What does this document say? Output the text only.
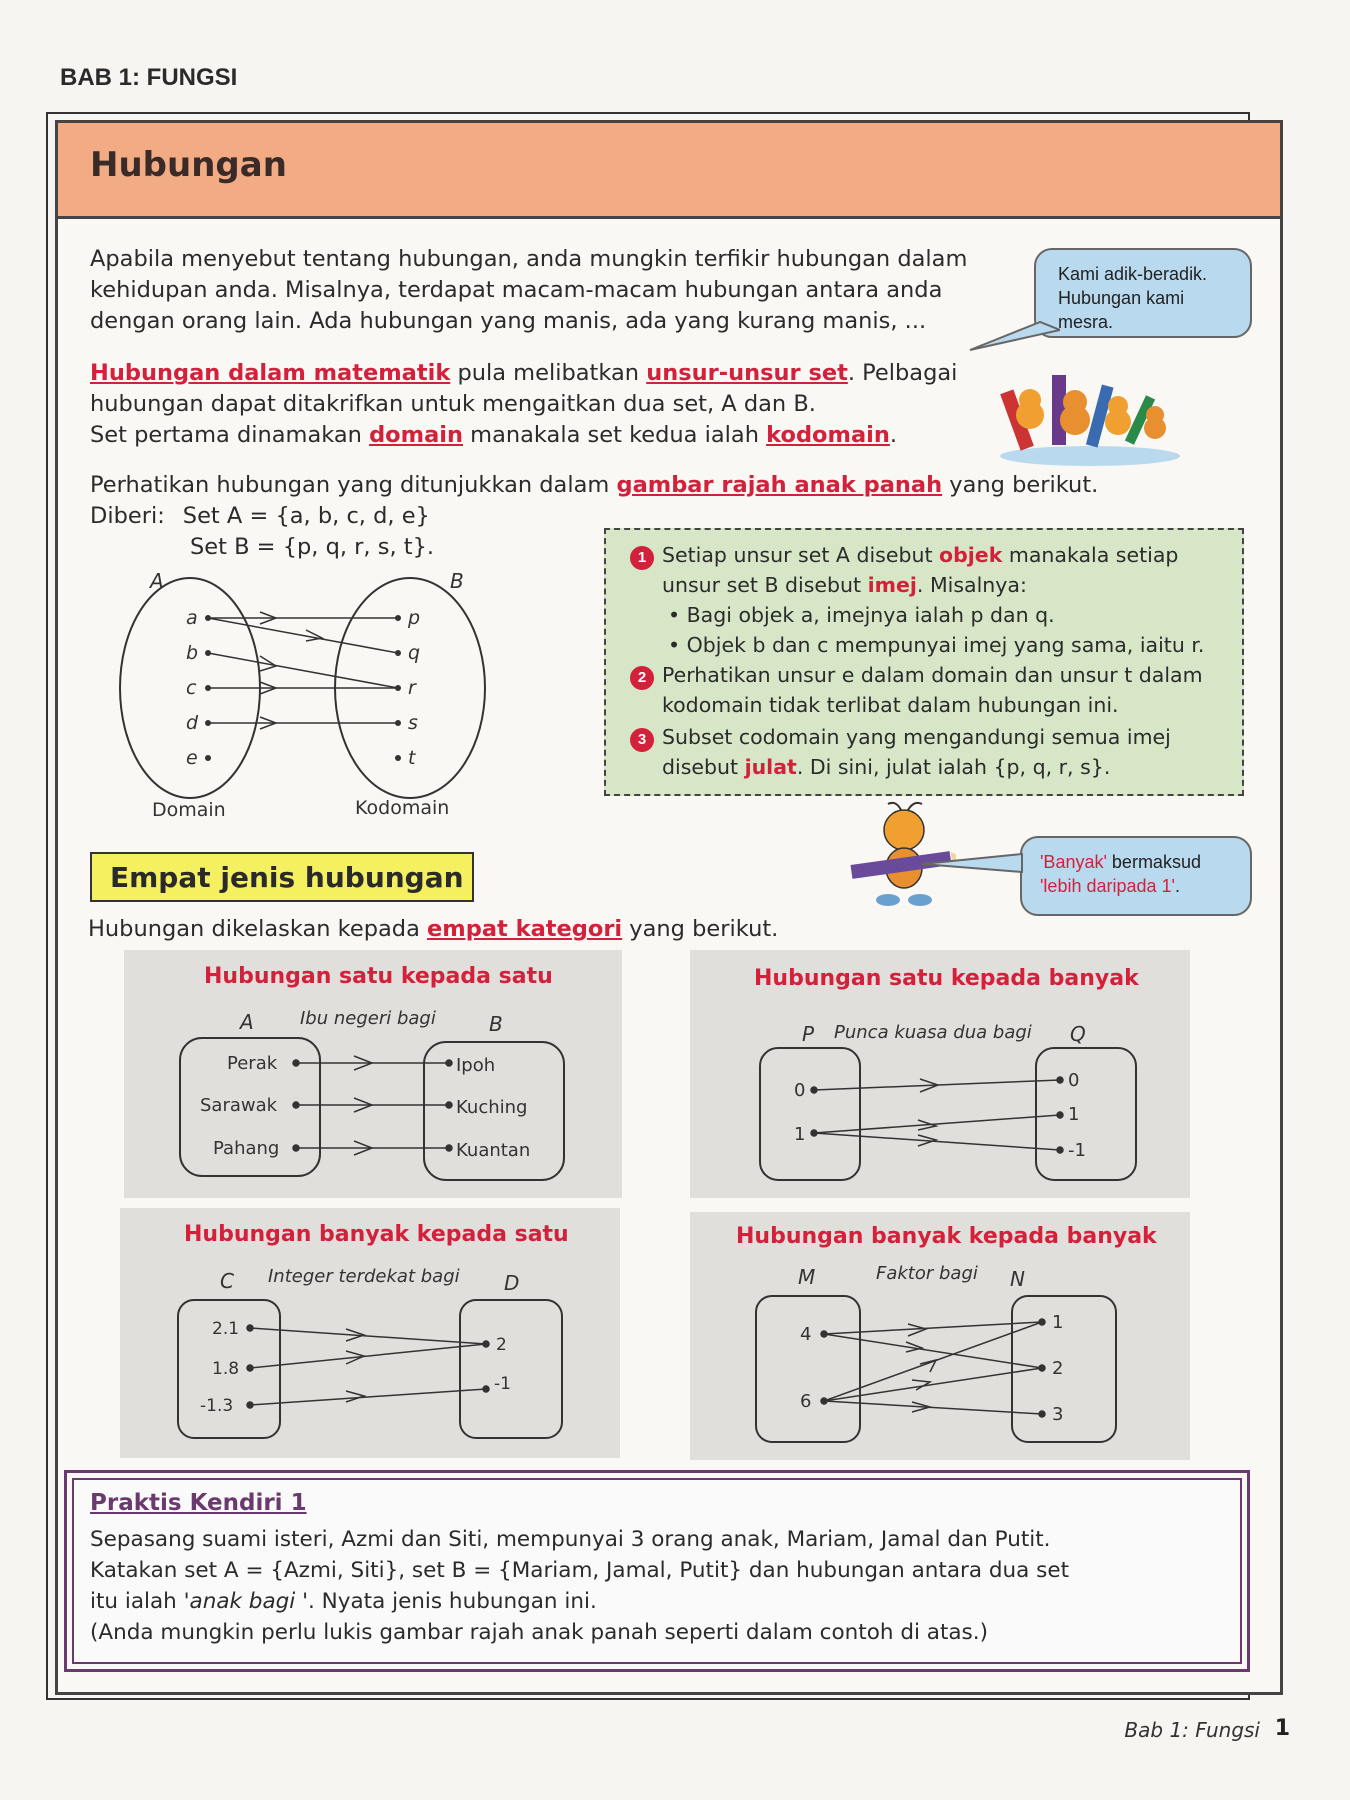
BAB 1: FUNGSI
Hubungan
Apabila menyebut tentang hubungan, anda mungkin terfikir hubungan dalam
kehidupan anda. Misalnya, terdapat macam-macam hubungan antara anda
dengan orang lain. Ada hubungan yang manis, ada yang kurang manis, ...
Kami adik-beradik. Hubungan kami mesra.
Hubungan dalam matematik pula melibatkan unsur-unsur set. Pelbagai
hubungan dapat ditakrifkan untuk mengaitkan dua set, A dan B.
Set pertama dinamakan domain manakala set kedua ialah kodomain.
Perhatikan hubungan yang ditunjukkan dalam gambar rajah anak panah yang berikut.
Diberi: Set A = {a, b, c, d, e}
Set B = {p, q, r, s, t}.
A	B
a
b
c
d
e
p
q
r
s
t
Domain	Kodomain
1 Setiap unsur set A disebut objek manakala setiap
unsur set B disebut imej. Misalnya:
• Bagi objek a, imejnya ialah p dan q.
• Objek b dan c mempunyai imej yang sama, iaitu r.
2 Perhatikan unsur e dalam domain dan unsur t dalam
kodomain tidak terlibat dalam hubungan ini.
3 Subset codomain yang mengandungi semua imej
disebut julat. Di sini, julat ialah {p, q, r, s}.
Empat jenis hubungan	'Banyak' bermaksud
'lebih daripada 1'.
Hubungan dikelaskan kepada empat kategori yang berikut.
Hubungan satu kepada satu
A	B
Ibu negeri bagi
Perak
Sarawak
Pahang
Ipoh
Kuching
Kuantan
Hubungan satu kepada banyak
P	Q
Punca kuasa dua bagi
0
1
0
1
-1
Hubungan banyak kepada satu
C	D
Integer terdekat bagi
2.1
1.8
-1.3
2
-1
Hubungan banyak kepada banyak
M	N
Faktor bagi
4
6
1
2
3
Praktis Kendiri 1
Sepasang suami isteri, Azmi dan Siti, mempunyai 3 orang anak, Mariam, Jamal dan Putit.
Katakan set A = {Azmi, Siti}, set B = {Mariam, Jamal, Putit} dan hubungan antara dua set
itu ialah 'anak bagi '. Nyata jenis hubungan ini.
(Anda mungkin perlu lukis gambar rajah anak panah seperti dalam contoh di atas.)
Bab 1: Fungsi 1
